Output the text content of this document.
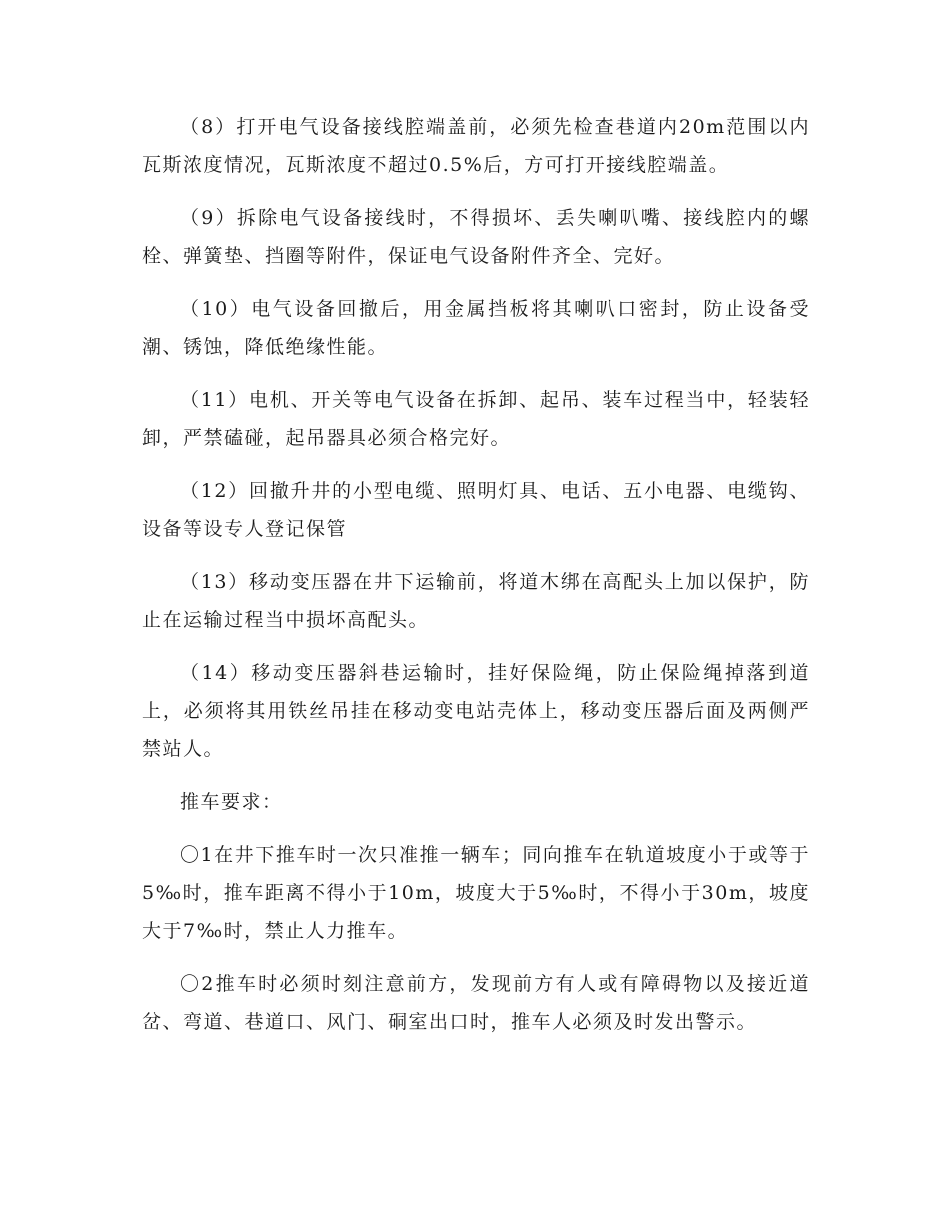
（8）打开电气设备接线腔端盖前，必须先检查巷道内20m范围以内瓦斯浓度情况，瓦斯浓度不超过0.5%后，方可打开接线腔端盖。

（9）拆除电气设备接线时，不得损坏、丢失喇叭嘴、接线腔内的螺栓、弹簧垫、挡圈等附件，保证电气设备附件齐全、完好。

（10）电气设备回撤后，用金属挡板将其喇叭口密封，防止设备受潮、锈蚀，降低绝缘性能。

（11）电机、开关等电气设备在拆卸、起吊、装车过程当中，轻装轻卸，严禁磕碰，起吊器具必须合格完好。

（12）回撤升井的小型电缆、照明灯具、电话、五小电器、电缆钩、设备等设专人登记保管

（13）移动变压器在井下运输前，将道木绑在高配头上加以保护，防止在运输过程当中损坏高配头。

（14）移动变压器斜巷运输时，挂好保险绳，防止保险绳掉落到道上，必须将其用铁丝吊挂在移动变电站壳体上，移动变压器后面及两侧严禁站人。

推车要求：

〇1在井下推车时一次只准推一辆车；同向推车在轨道坡度小于或等于5‰时，推车距离不得小于10m，坡度大于5‰时，不得小于30m，坡度大于7‰时，禁止人力推车。

〇2推车时必须时刻注意前方，发现前方有人或有障碍物以及接近道岔、弯道、巷道口、风门、硐室出口时，推车人必须及时发出警示。
